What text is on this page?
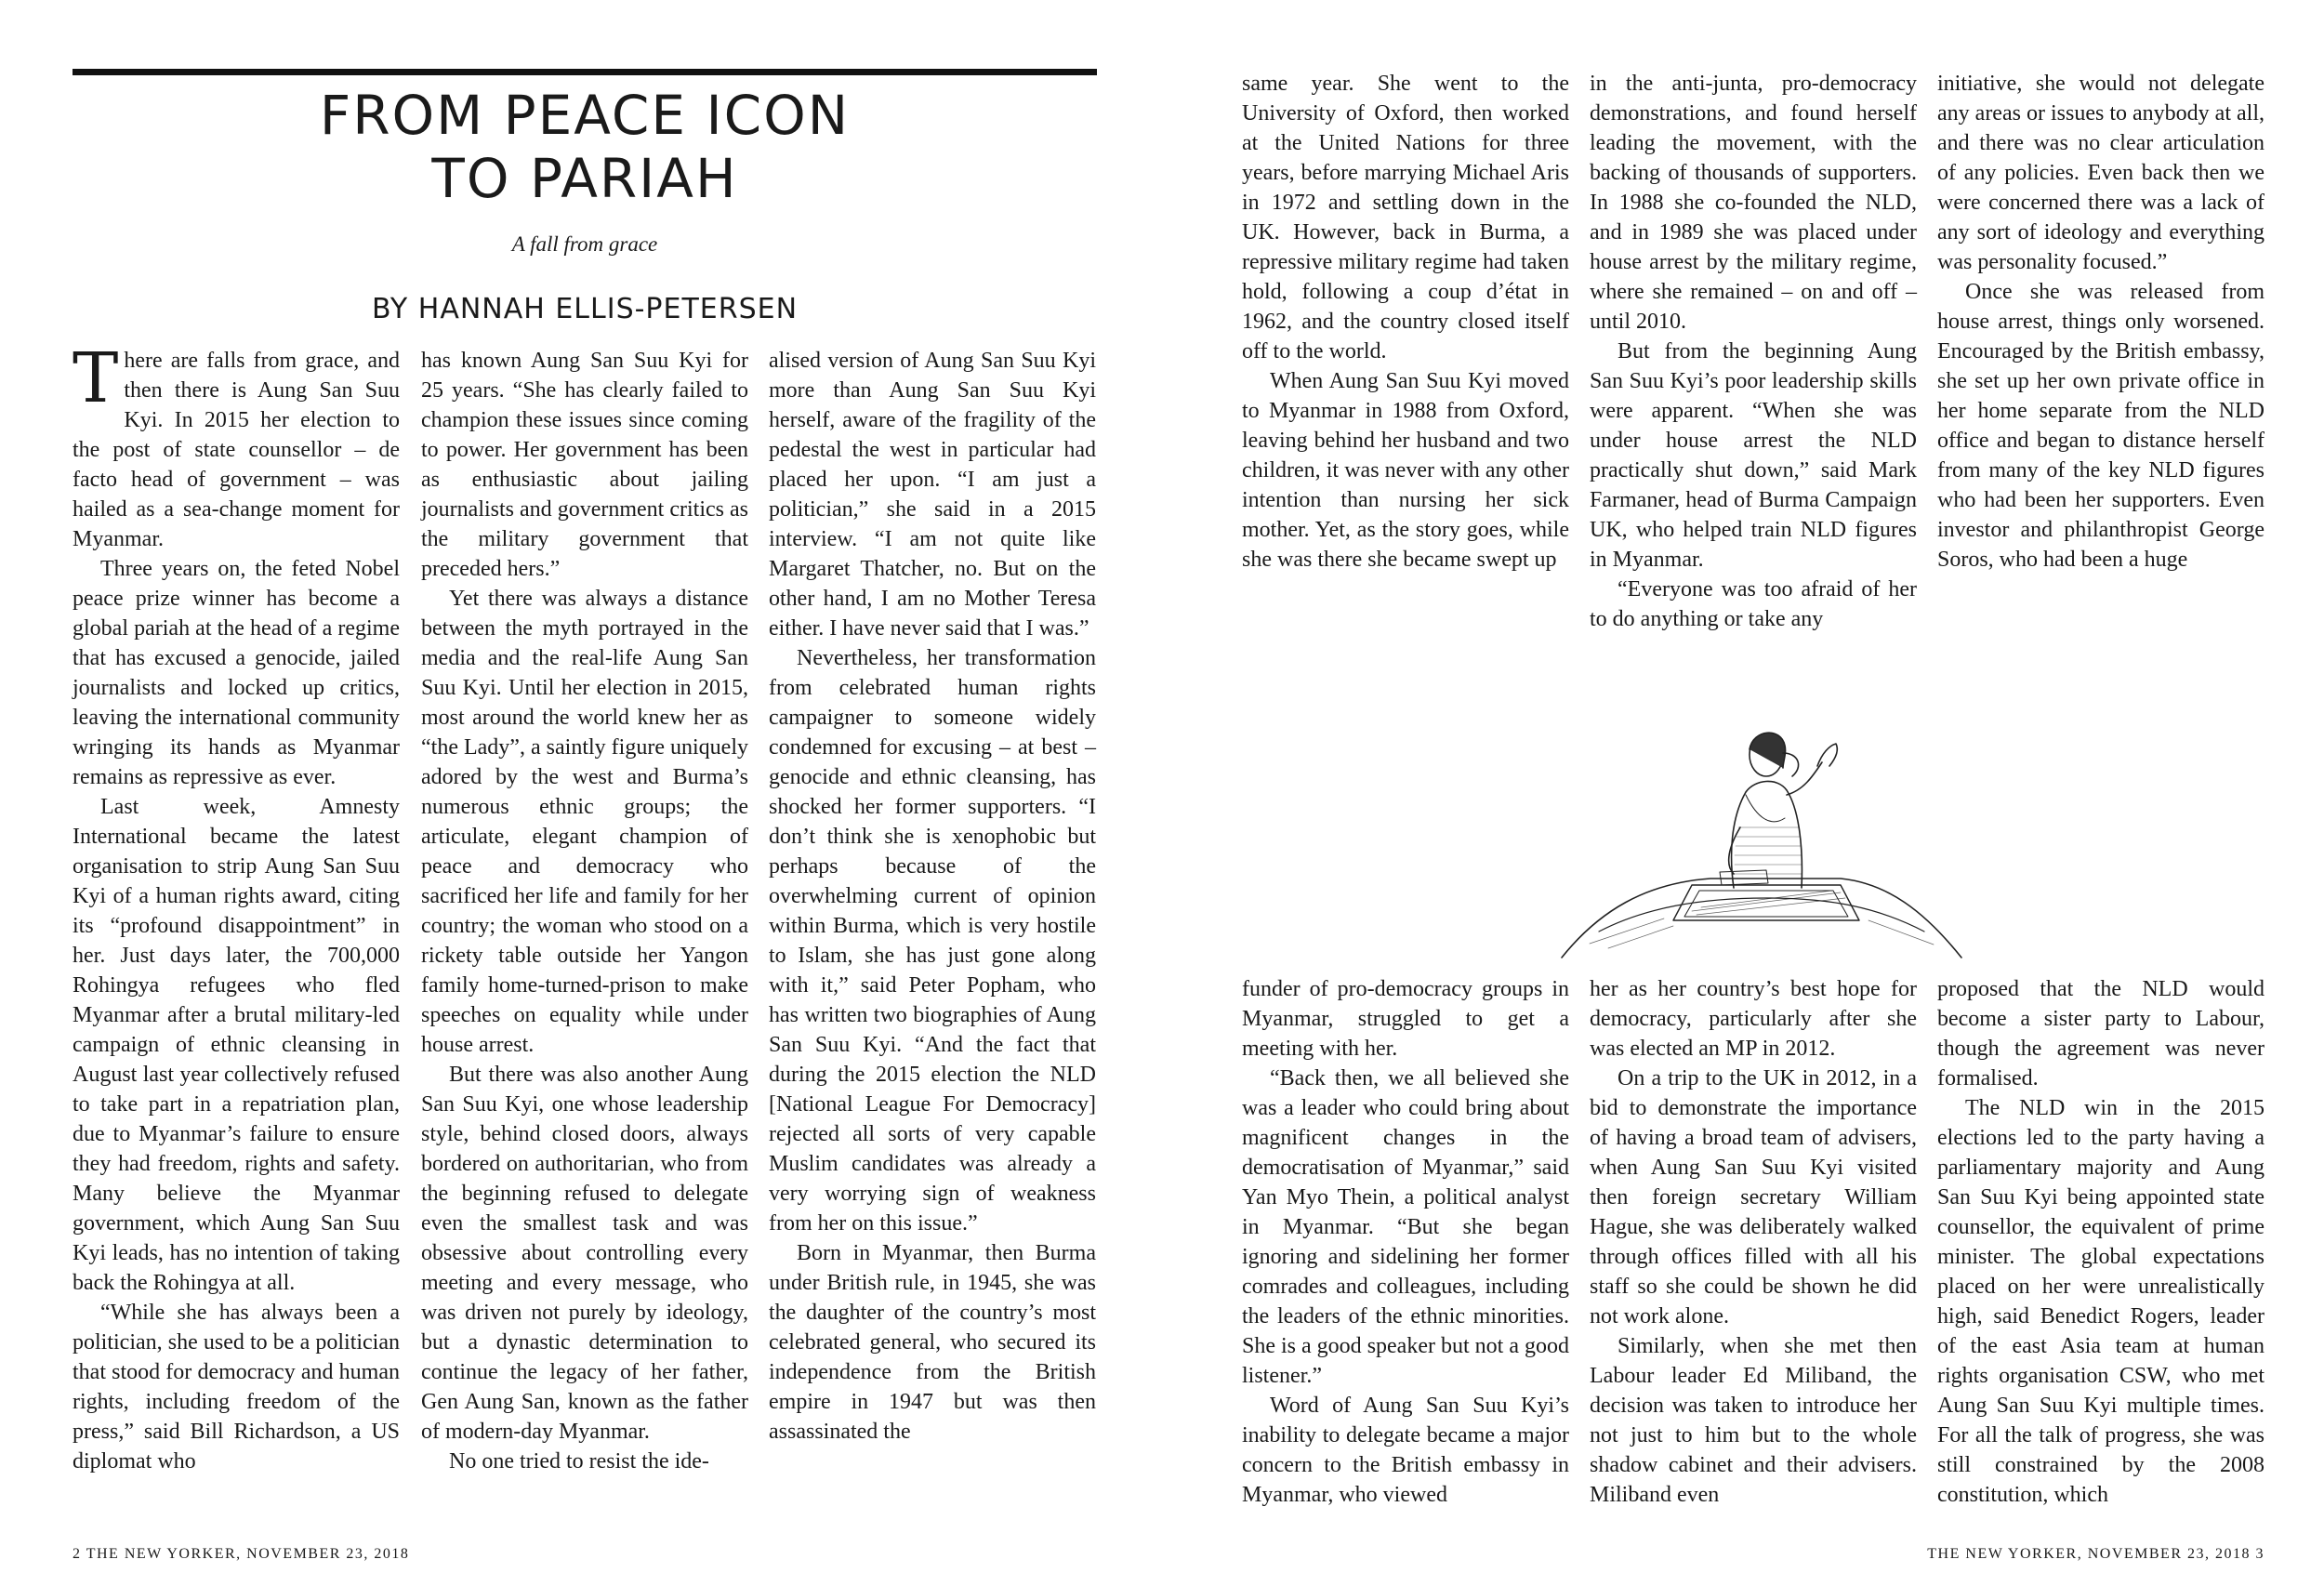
FROM PEACE ICON
TO PARIAH

A fall from grace

BY HANNAH ELLIS-PETERSEN

There are falls from grace, and then there is Aung San Suu Kyi. In 2015 her election to the post of state counsellor – de facto head of government – was hailed as a sea-change moment for Myanmar.

Three years on, the feted Nobel peace prize winner has become a global pariah at the head of a regime that has excused a genocide, jailed journalists and locked up critics, leaving the international community wringing its hands as Myanmar remains as repressive as ever.

Last week, Amnesty International became the latest organisation to strip Aung San Suu Kyi of a human rights award, citing its “profound disappointment” in her. Just days later, the 700,000 Rohingya refugees who fled Myanmar after a brutal military-led campaign of ethnic cleansing in August last year collectively refused to take part in a repatriation plan, due to Myanmar’s failure to ensure they had freedom, rights and safety. Many believe the Myanmar government, which Aung San Suu Kyi leads, has no intention of taking back the Rohingya at all.

“While she has always been a politician, she used to be a politician that stood for democracy and human rights, including freedom of the press,” said Bill Richardson, a US diplomat who

has known Aung San Suu Kyi for 25 years. “She has clearly failed to champion these issues since coming to power. Her government has been as enthusiastic about jailing journalists and government critics as the military government that preceded hers.”

Yet there was always a distance between the myth portrayed in the media and the real-life Aung San Suu Kyi. Until her election in 2015, most around the world knew her as “the Lady”, a saintly figure uniquely adored by the west and Burma’s numerous ethnic groups; the articulate, elegant champion of peace and democracy who sacrificed her life and family for her country; the woman who stood on a rickety table outside her Yangon family home-turned-prison to make speeches on equality while under house arrest.

But there was also another Aung San Suu Kyi, one whose leadership style, behind closed doors, always bordered on authoritarian, who from the beginning refused to delegate even the smallest task and was obsessive about controlling every meeting and every message, who was driven not purely by ideology, but a dynastic determination to continue the legacy of her father, Gen Aung San, known as the father of modern-day Myanmar.

No one tried to resist the ide-

alised version of Aung San Suu Kyi more than Aung San Suu Kyi herself, aware of the fragility of the pedestal the west in particular had placed her upon. “I am just a politician,” she said in a 2015 interview. “I am not quite like Margaret Thatcher, no. But on the other hand, I am no Mother Teresa either. I have never said that I was.”

Nevertheless, her transformation from celebrated human rights campaigner to someone widely condemned for excusing – at best – genocide and ethnic cleansing, has shocked her former supporters. “I don’t think she is xenophobic but perhaps because of the overwhelming current of opinion within Burma, which is very hostile to Islam, she has just gone along with it,” said Peter Popham, who has written two biographies of Aung San Suu Kyi. “And the fact that during the 2015 election the NLD [National League For Democracy] rejected all sorts of very capable Muslim candidates was already a very worrying sign of weakness from her on this issue.”

Born in Myanmar, then Burma under British rule, in 1945, she was the daughter of the country’s most celebrated general, who secured its independence from the British empire in 1947 but was then assassinated the

2 THE NEW YORKER, NOVEMBER 23, 2018

same year. She went to the University of Oxford, then worked at the United Nations for three years, before marrying Michael Aris in 1972 and settling down in the UK. However, back in Burma, a repressive military regime had taken hold, following a coup d’état in 1962, and the country closed itself off to the world.

When Aung San Suu Kyi moved to Myanmar in 1988 from Oxford, leaving behind her husband and two children, it was never with any other intention than nursing her sick mother. Yet, as the story goes, while she was there she became swept up

in the anti-junta, pro-democracy demonstrations, and found herself leading the movement, with the backing of thousands of supporters. In 1988 she co-founded the NLD, and in 1989 she was placed under house arrest by the military regime, where she remained – on and off – until 2010.

But from the beginning Aung San Suu Kyi’s poor leadership skills were apparent. “When she was under house arrest the NLD practically shut down,” said Mark Farmaner, head of Burma Campaign UK, who helped train NLD figures in Myanmar.

“Everyone was too afraid of her to do anything or take any

initiative, she would not delegate any areas or issues to anybody at all, and there was no clear articulation of any policies. Even back then we were concerned there was a lack of any sort of ideology and everything was personality focused.”

Once she was released from house arrest, things only worsened. Encouraged by the British embassy, she set up her own private office in her home separate from the NLD office and began to distance herself from many of the key NLD figures who had been her supporters. Even investor and philanthropist George Soros, who had been a huge

funder of pro-democracy groups in Myanmar, struggled to get a meeting with her.

“Back then, we all believed she was a leader who could bring about magnificent changes in the democratisation of Myanmar,” said Yan Myo Thein, a political analyst in Myanmar. “But she began ignoring and sidelining her former comrades and colleagues, including the leaders of the ethnic minorities. She is a good speaker but not a good listener.”

Word of Aung San Suu Kyi’s inability to delegate became a major concern to the British embassy in Myanmar, who viewed

her as her country’s best hope for democracy, particularly after she was elected an MP in 2012.

On a trip to the UK in 2012, in a bid to demonstrate the importance of having a broad team of advisers, when Aung San Suu Kyi visited then foreign secretary William Hague, she was deliberately walked through offices filled with all his staff so she could be shown he did not work alone.

Similarly, when she met then Labour leader Ed Miliband, the decision was taken to introduce her not just to him but to the whole shadow cabinet and their advisers. Miliband even

proposed that the NLD would become a sister party to Labour, though the agreement was never formalised.

The NLD win in the 2015 elections led to the party having a parliamentary majority and Aung San Suu Kyi being appointed state counsellor, the equivalent of prime minister. The global expectations placed on her were unrealistically high, said Benedict Rogers, leader of the east Asia team at human rights organisation CSW, who met Aung San Suu Kyi multiple times. For all the talk of progress, she was still constrained by the 2008 constitution, which

THE NEW YORKER, NOVEMBER 23, 2018 3
